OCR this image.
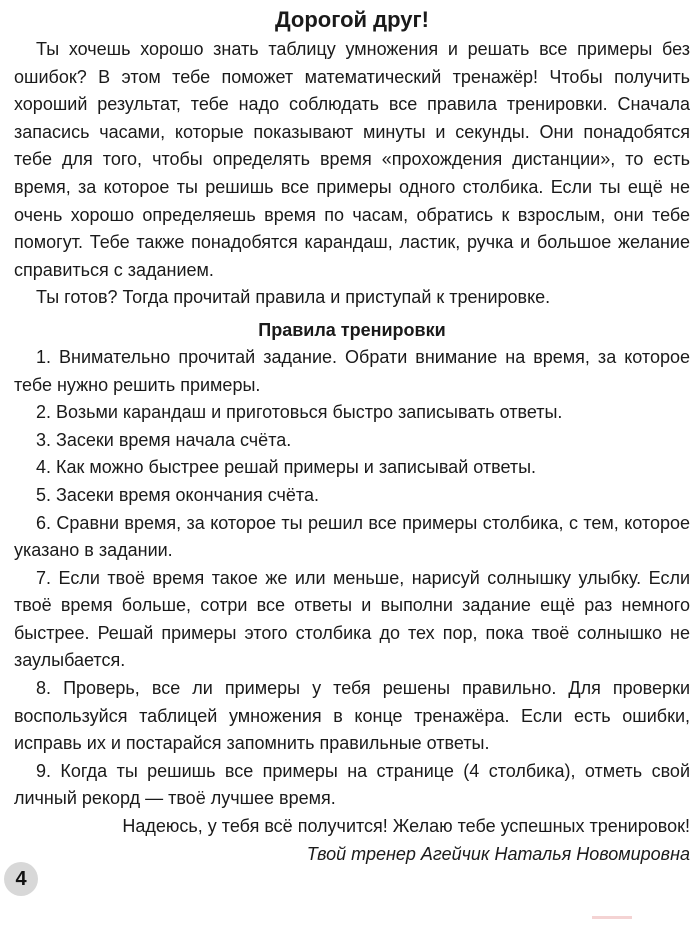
Дорогой друг!

Ты хочешь хорошо знать таблицу умножения и решать все примеры без ошибок? В этом тебе поможет математический тренажёр! Чтобы получить хороший результат, тебе надо соблюдать все правила тренировки. Сначала запасись часами, которые показывают минуты и секунды. Они понадобятся тебе для того, чтобы определять время «прохождения дистанции», то есть время, за которое ты решишь все примеры одного столбика. Если ты ещё не очень хорошо определяешь время по часам, обратись к взрослым, они тебе помогут. Тебе также понадобятся карандаш, ластик, ручка и большое желание справиться с заданием.

Ты готов? Тогда прочитай правила и приступай к тренировке.

Правила тренировки

1. Внимательно прочитай задание. Обрати внимание на время, за которое тебе нужно решить примеры.

2. Возьми карандаш и приготовься быстро записывать ответы.

3. Засеки время начала счёта.

4. Как можно быстрее решай примеры и записывай ответы.

5. Засеки время окончания счёта.

6. Сравни время, за которое ты решил все примеры столбика, с тем, которое указано в задании.

7. Если твоё время такое же или меньше, нарисуй солнышку улыбку. Если твоё время больше, сотри все ответы и выполни задание ещё раз немного быстрее. Решай примеры этого столбика до тех пор, пока твоё солнышко не заулыбается.

8. Проверь, все ли примеры у тебя решены правильно. Для проверки воспользуйся таблицей умножения в конце тренажёра. Если есть ошибки, исправь их и постарайся запомнить правильные ответы.

9. Когда ты решишь все примеры на странице (4 столбика), отметь свой личный рекорд — твоё лучшее время.

Надеюсь, у тебя всё получится! Желаю тебе успешных тренировок!

Твой тренер Агейчик Наталья Новомировна

4
